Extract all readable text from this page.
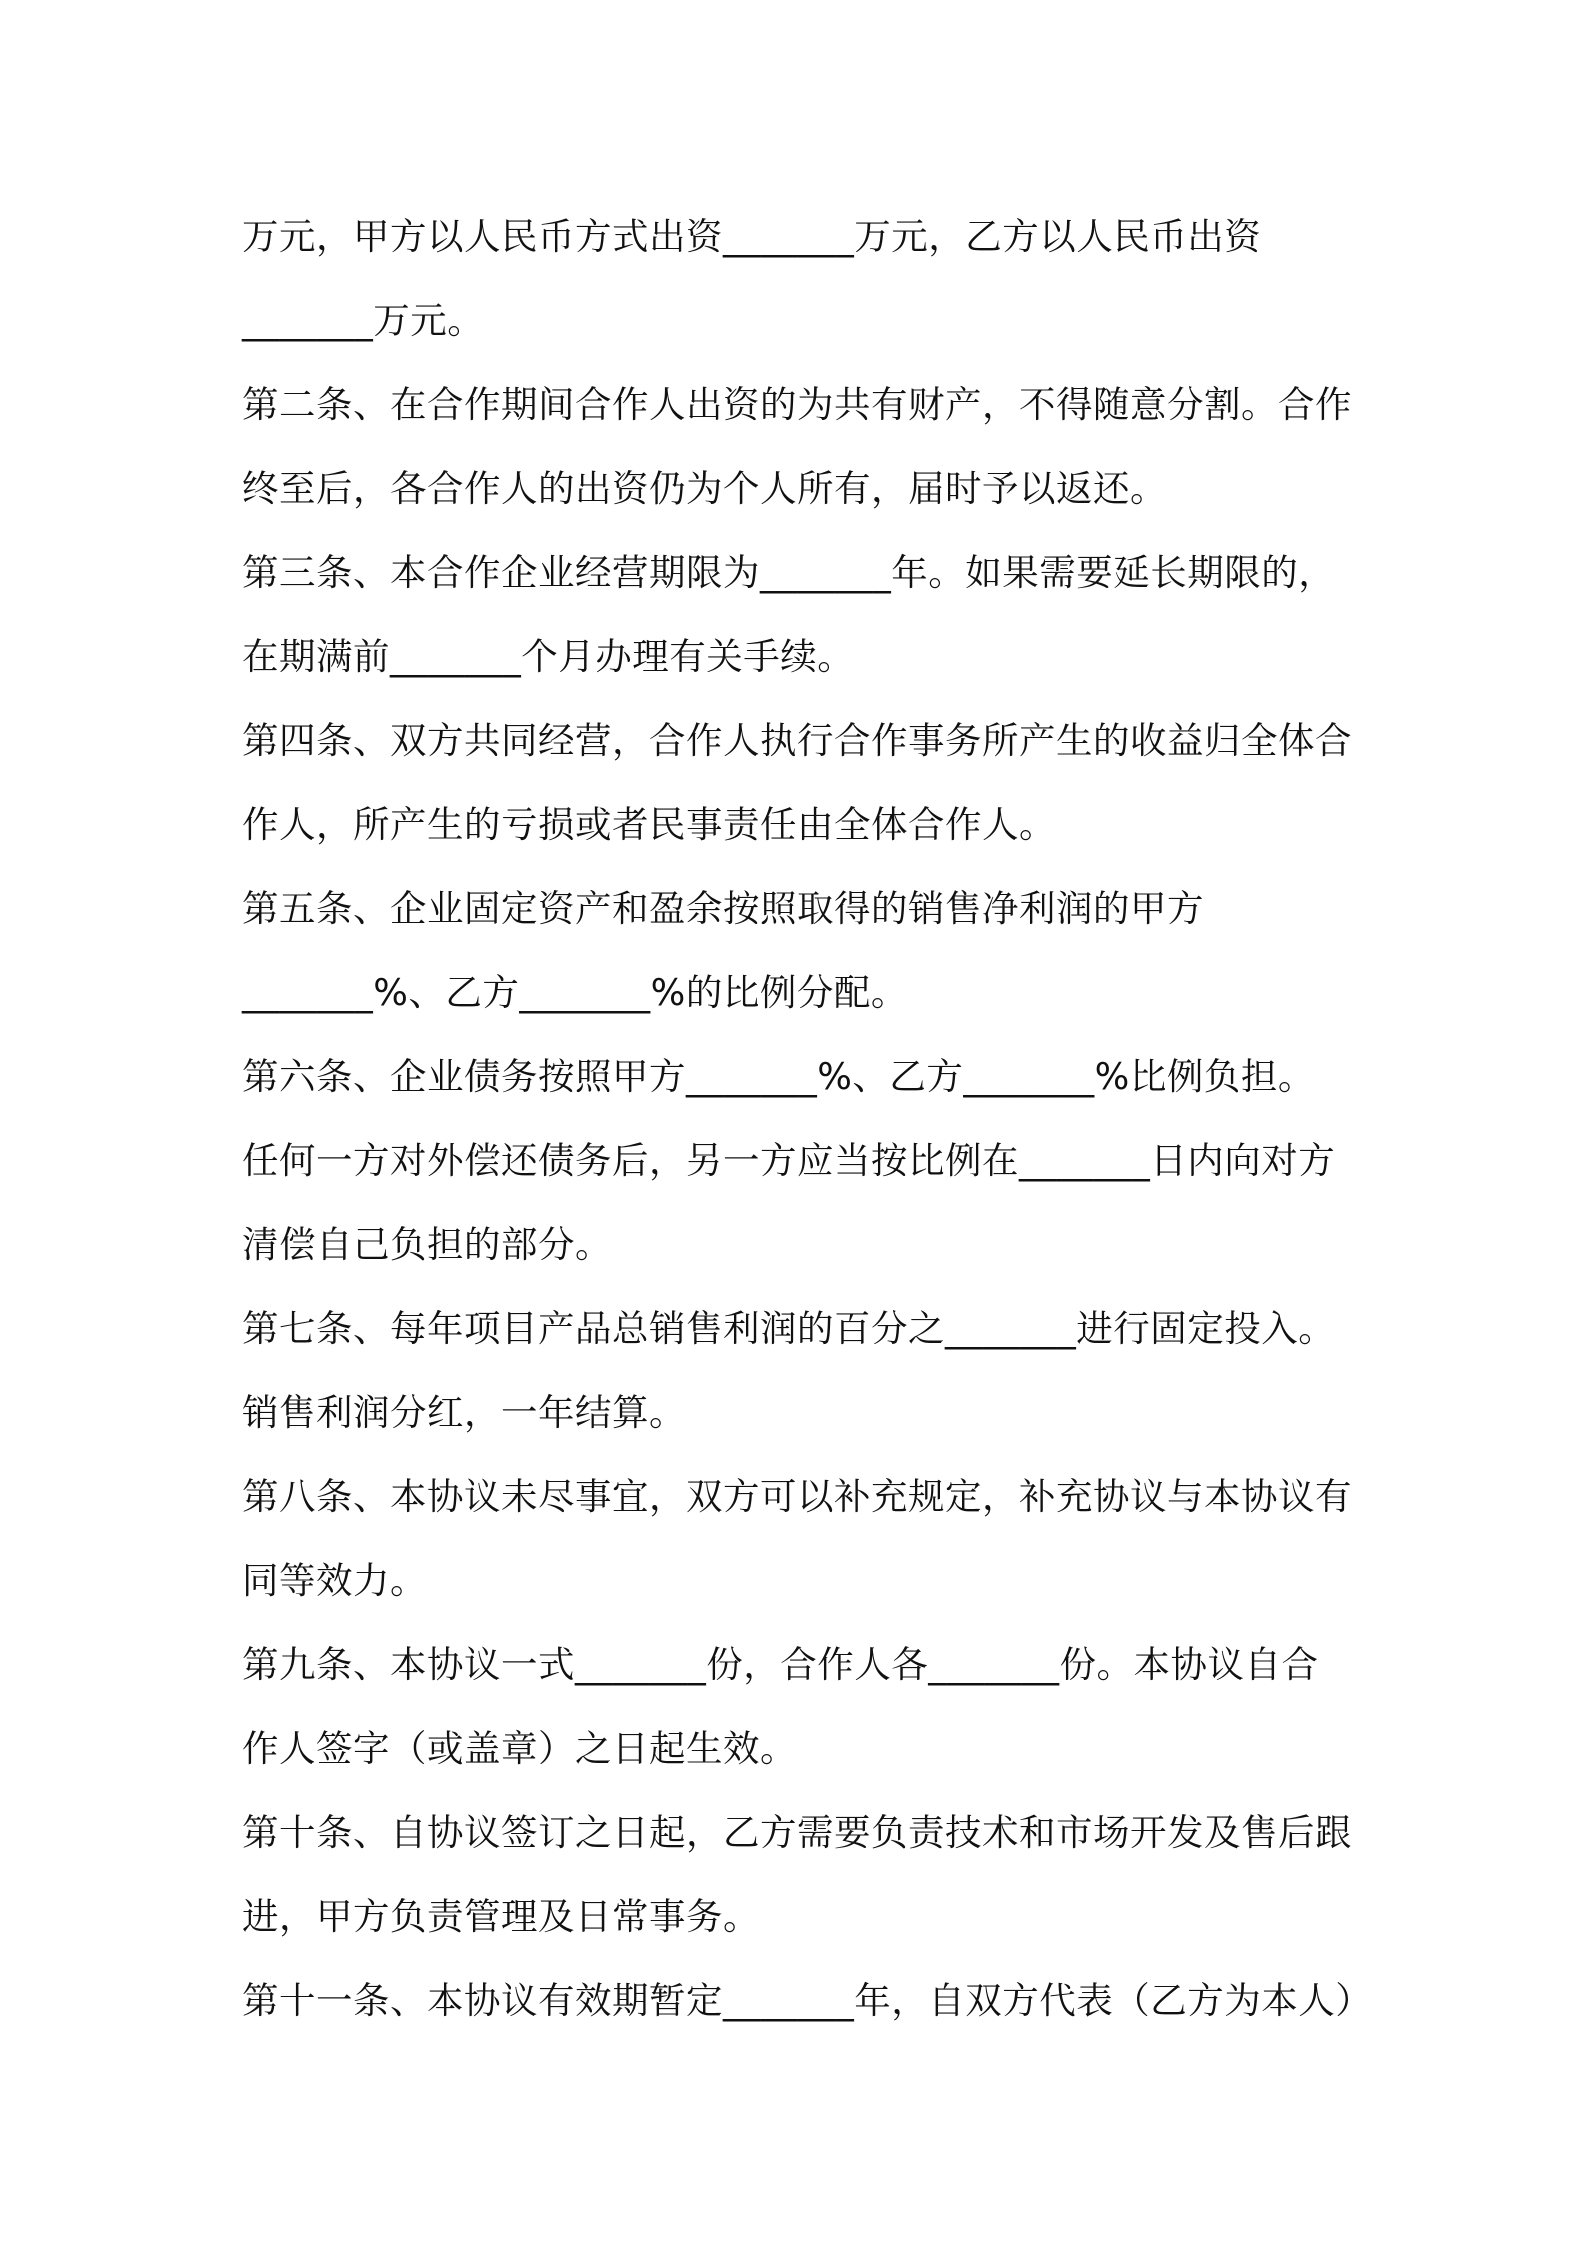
万元，甲方以人民币方式出资_______万元，乙方以人民币出资
_______万元。
第二条、在合作期间合作人出资的为共有财产，不得随意分割。合作
终至后，各合作人的出资仍为个人所有，届时予以返还。
第三条、本合作企业经营期限为_______年。如果需要延长期限的，
在期满前_______个月办理有关手续。
第四条、双方共同经营，合作人执行合作事务所产生的收益归全体合
作人，所产生的亏损或者民事责任由全体合作人。
第五条、企业固定资产和盈余按照取得的销售净利润的甲方
_______%、乙方_______%的比例分配。
第六条、企业债务按照甲方_______%、乙方_______%比例负担。
任何一方对外偿还债务后，另一方应当按比例在_______日内向对方
清偿自己负担的部分。
第七条、每年项目产品总销售利润的百分之_______进行固定投入。
销售利润分红，一年结算。
第八条、本协议未尽事宜，双方可以补充规定，补充协议与本协议有
同等效力。
第九条、本协议一式_______份，合作人各_______份。本协议自合
作人签字（或盖章）之日起生效。
第十条、自协议签订之日起，乙方需要负责技术和市场开发及售后跟
进，甲方负责管理及日常事务。
第十一条、本协议有效期暂定_______年，自双方代表（乙方为本人）
